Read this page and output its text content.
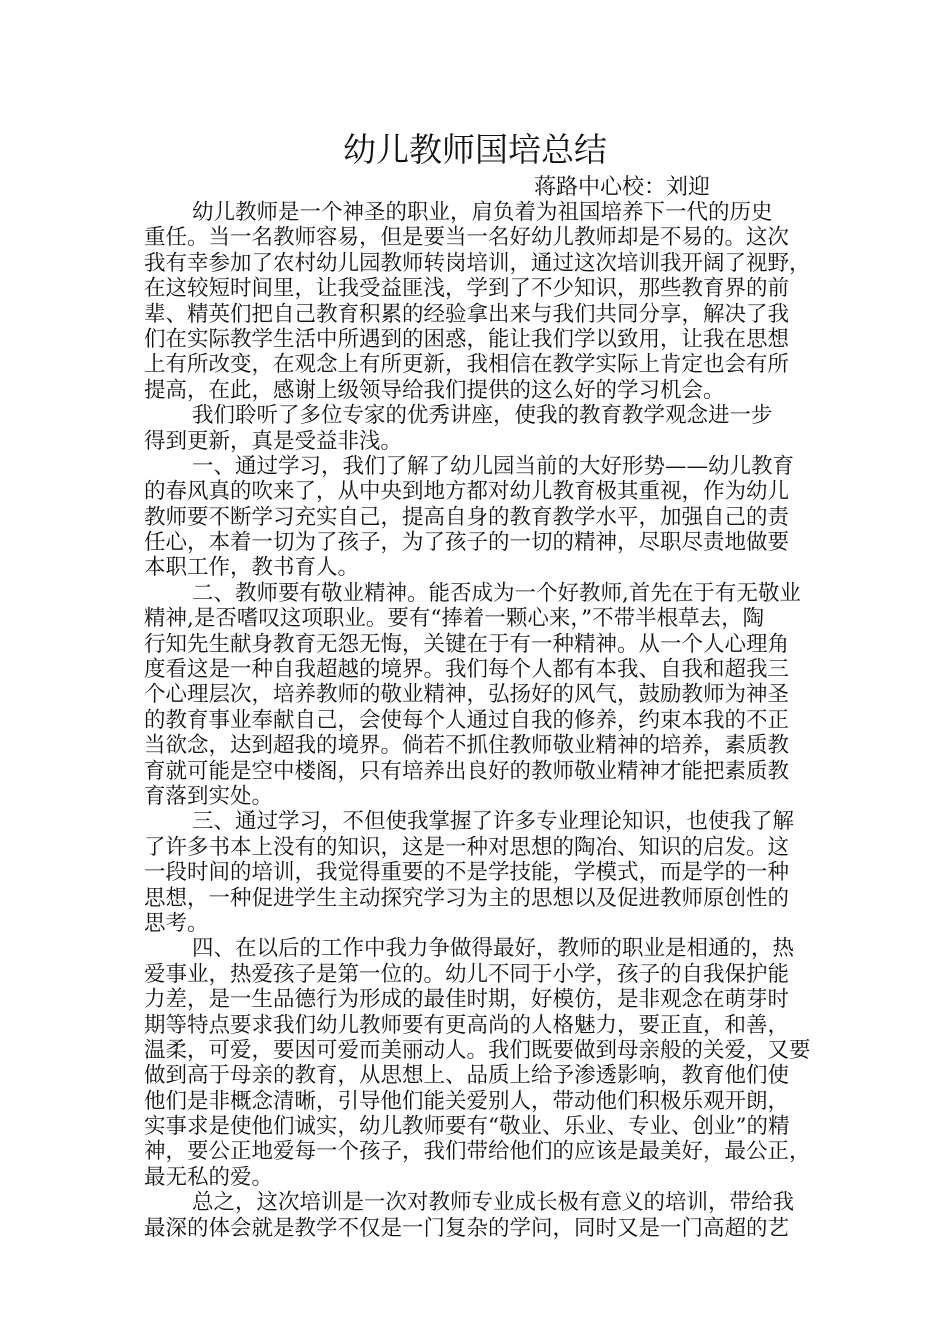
幼儿教师国培总结
蒋路中心校：刘迎
幼儿教师是一个神圣的职业，肩负着为祖国培养下一代的历史
重任。当一名教师容易，但是要当一名好幼儿教师却是不易的。这次
我有幸参加了农村幼儿园教师转岗培训，通过这次培训我开阔了视野，
在这较短时间里，让我受益匪浅，学到了不少知识，那些教育界的前
辈、精英们把自己教育积累的经验拿出来与我们共同分享，解决了我
们在实际教学生活中所遇到的困惑，能让我们学以致用，让我在思想
上有所改变，在观念上有所更新，我相信在教学实际上肯定也会有所
提高，在此，感谢上级领导给我们提供的这么好的学习机会。
我们聆听了多位专家的优秀讲座，使我的教育教学观念进一步
得到更新，真是受益非浅。
一、通过学习，我们了解了幼儿园当前的大好形势——幼儿教育
的春风真的吹来了，从中央到地方都对幼儿教育极其重视，作为幼儿
教师要不断学习充实自己，提高自身的教育教学水平，加强自己的责
任心，本着一切为了孩子，为了孩子的一切的精神，尽职尽责地做要
本职工作，教书育人。
二、教师要有敬业精神。能否成为一个好教师,首先在于有无敬业
精神,是否嗜叹这项职业。要有“捧着一颗心来，”不带半根草去，陶
行知先生献身教育无怨无悔，关键在于有一种精神。从一个人心理角
度看这是一种自我超越的境界。我们每个人都有本我、自我和超我三
个心理层次，培养教师的敬业精神，弘扬好的风气，鼓励教师为神圣
的教育事业奉献自己，会使每个人通过自我的修养，约束本我的不正
当欲念，达到超我的境界。倘若不抓住教师敬业精神的培养，素质教
育就可能是空中楼阁，只有培养出良好的教师敬业精神才能把素质教
育落到实处。
三、通过学习，不但使我掌握了许多专业理论知识，也使我了解
了许多书本上没有的知识，这是一种对思想的陶冶、知识的启发。这
一段时间的培训，我觉得重要的不是学技能，学模式，而是学的一种
思想，一种促进学生主动探究学习为主的思想以及促进教师原创性的
思考。
四、在以后的工作中我力争做得最好，教师的职业是相通的，热
爱事业，热爱孩子是第一位的。幼儿不同于小学，孩子的自我保护能
力差，是一生品德行为形成的最佳时期，好模仿，是非观念在萌芽时
期等特点要求我们幼儿教师要有更高尚的人格魅力，要正直，和善，
温柔，可爱，要因可爱而美丽动人。我们既要做到母亲般的关爱，又要
做到高于母亲的教育，从思想上、品质上给予渗透影响，教育他们使
他们是非概念清晰，引导他们能关爱别人，带动他们积极乐观开朗，
实事求是使他们诚实，幼儿教师要有“敬业、乐业、专业、创业”的精
神，要公正地爱每一个孩子，我们带给他们的应该是最美好，最公正，
最无私的爱。
总之，这次培训是一次对教师专业成长极有意义的培训，带给我
最深的体会就是教学不仅是一门复杂的学问，同时又是一门高超的艺
